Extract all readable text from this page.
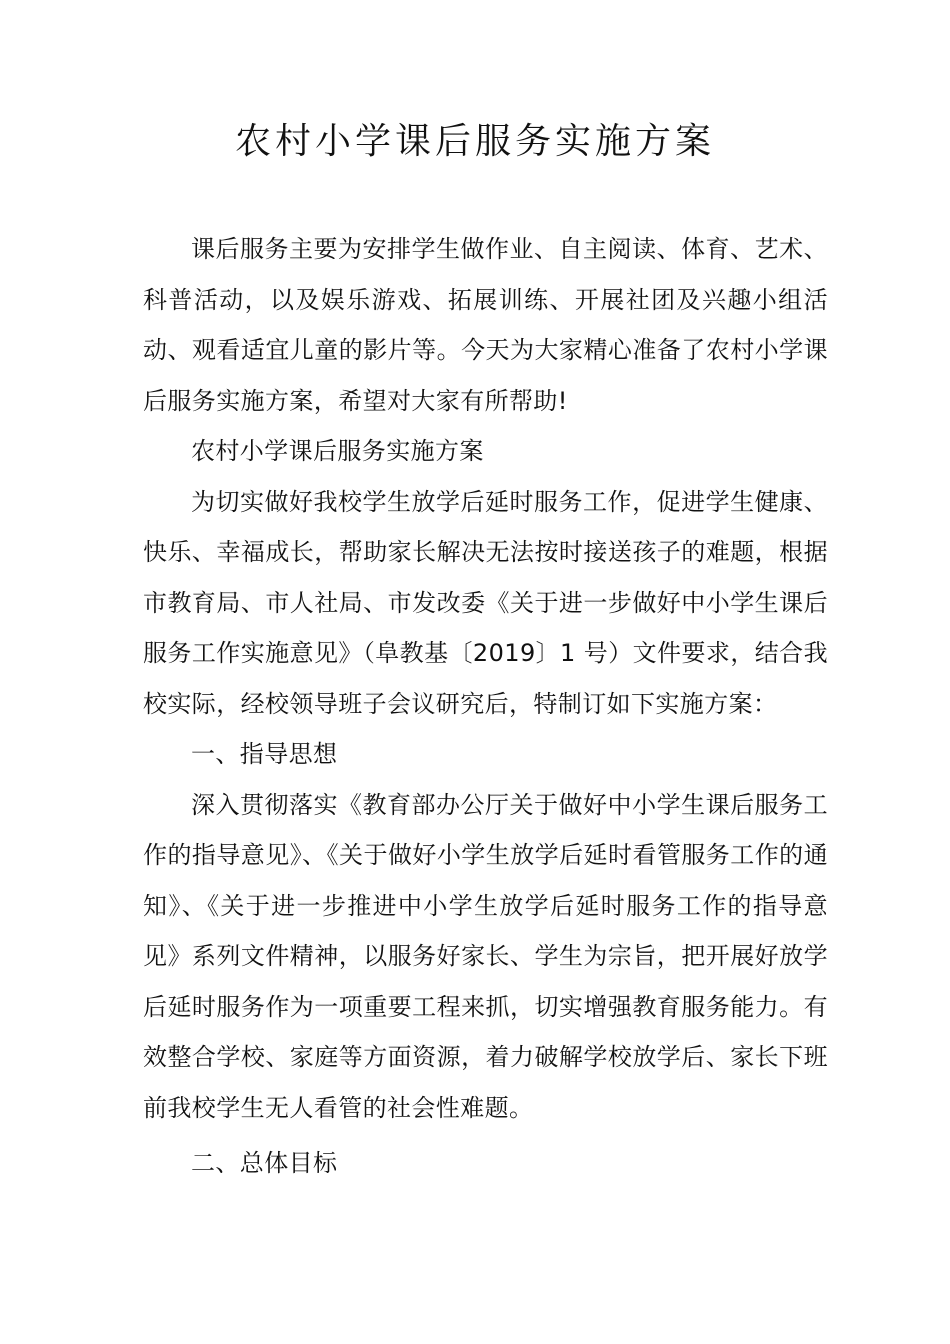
农村小学课后服务实施方案

课后服务主要为安排学生做作业、自主阅读、体育、艺术、科普活动，以及娱乐游戏、拓展训练、开展社团及兴趣小组活动、观看适宜儿童的影片等。今天为大家精心准备了农村小学课后服务实施方案，希望对大家有所帮助!

农村小学课后服务实施方案

为切实做好我校学生放学后延时服务工作，促进学生健康、快乐、幸福成长，帮助家长解决无法按时接送孩子的难题，根据市教育局、市人社局、市发改委《关于进一步做好中小学生课后服务工作实施意见》（阜教基〔2019〕1 号）文件要求，结合我校实际，经校领导班子会议研究后，特制订如下实施方案：

一、指导思想

深入贯彻落实《教育部办公厅关于做好中小学生课后服务工作的指导意见》、《关于做好小学生放学后延时看管服务工作的通知》、《关于进一步推进中小学生放学后延时服务工作的指导意见》系列文件精神，以服务好家长、学生为宗旨，把开展好放学后延时服务作为一项重要工程来抓，切实增强教育服务能力。有效整合学校、家庭等方面资源，着力破解学校放学后、家长下班前我校学生无人看管的社会性难题。

二、总体目标
